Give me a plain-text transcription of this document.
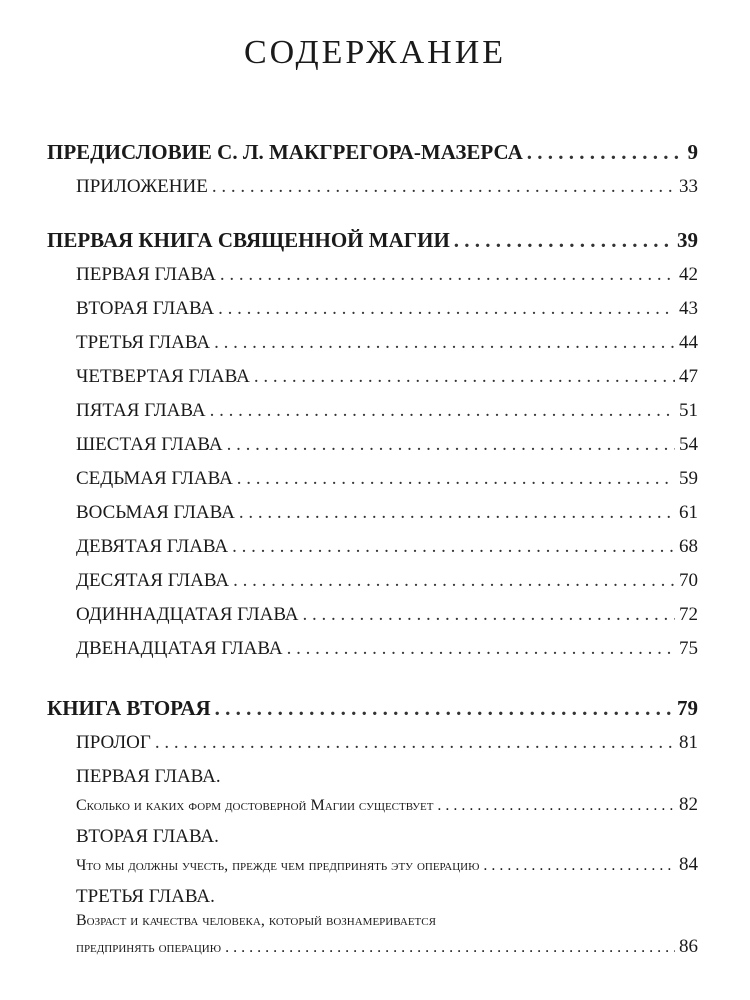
СОДЕРЖАНИЕ
ПРЕДИСЛОВИЕ С. Л. МАКГРЕГОРА-МАЗЕРСА . . .	9
ПРИЛОЖЕНИЕ . . .	33
ПЕРВАЯ КНИГА СВЯЩЕННОЙ МАГИИ . . .	39
ПЕРВАЯ ГЛАВА . . .	42
ВТОРАЯ ГЛАВА . . .	43
ТРЕТЬЯ ГЛАВА . . .	44
ЧЕТВЕРТАЯ ГЛАВА . . .	47
ПЯТАЯ ГЛАВА . . .	51
ШЕСТАЯ ГЛАВА . . .	54
СЕДЬМАЯ ГЛАВА . . .	59
ВОСЬМАЯ ГЛАВА . . .	61
ДЕВЯТАЯ ГЛАВА . . .	68
ДЕСЯТАЯ ГЛАВА . . .	70
ОДИННАДЦАТАЯ ГЛАВА . . .	72
ДВЕНАДЦАТАЯ ГЛАВА . . .	75
КНИГА ВТОРАЯ . . .	79
ПРОЛОГ . . .	81
ПЕРВАЯ ГЛАВА.
Сколько и каких форм достоверной Магии существует . . .	82
ВТОРАЯ ГЛАВА.
Что мы должны учесть, прежде чем предпринять эту операцию . . .	84
ТРЕТЬЯ ГЛАВА.
Возраст и качества человека, который вознамеривается
предпринять операцию . . .	86
